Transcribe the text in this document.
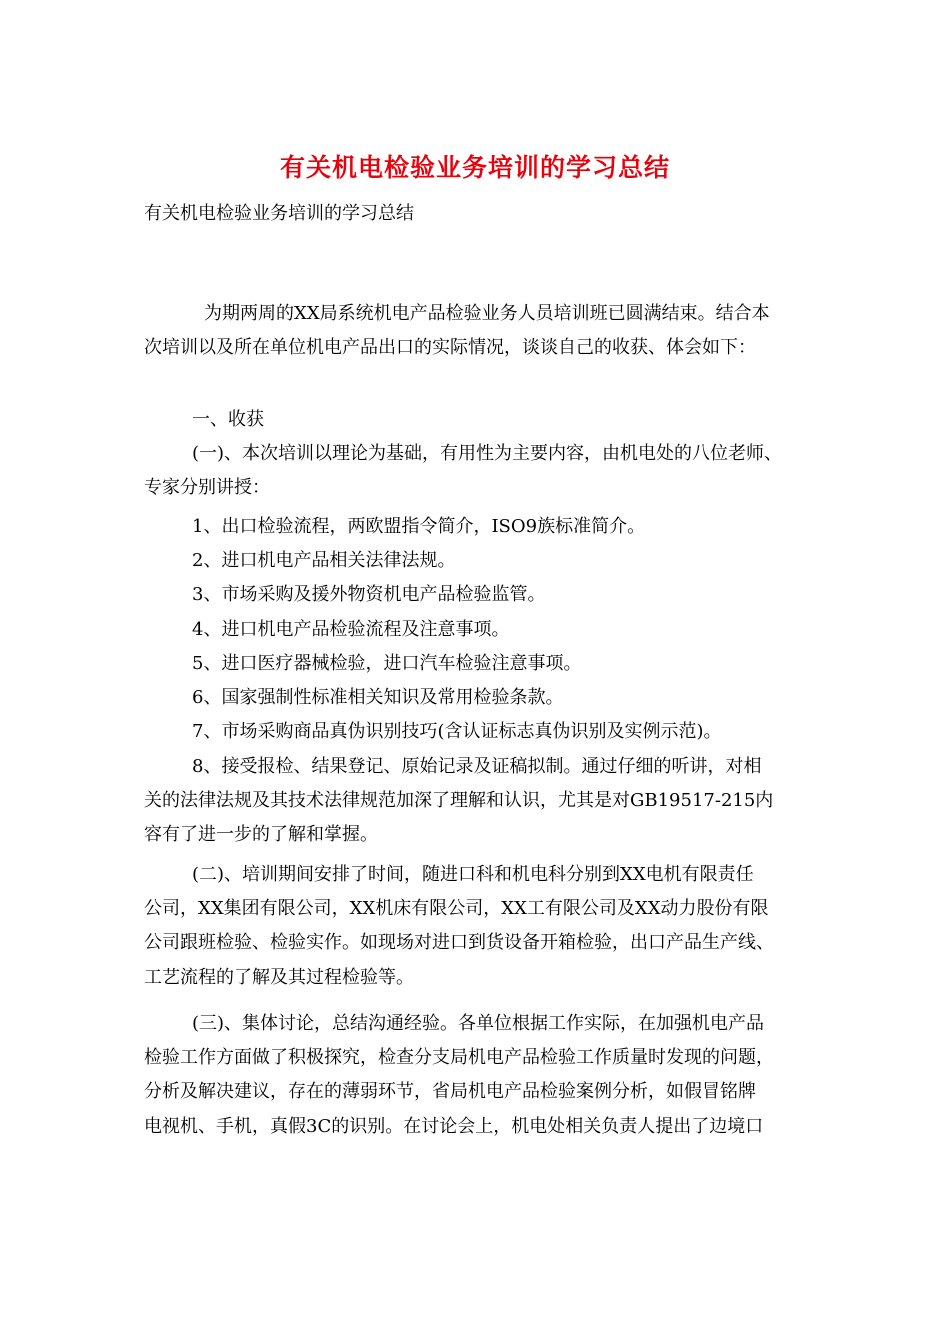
有关机电检验业务培训的学习总结
有关机电检验业务培训的学习总结
为期两周的XX局系统机电产品检验业务人员培训班已圆满结束。结合本
次培训以及所在单位机电产品出口的实际情况，谈谈自己的收获、体会如下：
一、收获
(一)、本次培训以理论为基础，有用性为主要内容，由机电处的八位老师、
专家分别讲授：
1、出口检验流程，两欧盟指令简介，ISO9族标准简介。
2、进口机电产品相关法律法规。
3、市场采购及援外物资机电产品检验监管。
4、进口机电产品检验流程及注意事项。
5、进口医疗器械检验，进口汽车检验注意事项。
6、国家强制性标准相关知识及常用检验条款。
7、市场采购商品真伪识别技巧(含认证标志真伪识别及实例示范)。
8、接受报检、结果登记、原始记录及证稿拟制。通过仔细的听讲，对相
关的法律法规及其技术法律规范加深了理解和认识，尤其是对GB19517-215内
容有了进一步的了解和掌握。
(二)、培训期间安排了时间，随进口科和机电科分别到XX电机有限责任
公司，XX集团有限公司，XX机床有限公司，XX工有限公司及XX动力股份有限
公司跟班检验、检验实作。如现场对进口到货设备开箱检验，出口产品生产线、
工艺流程的了解及其过程检验等。
(三)、集体讨论，总结沟通经验。各单位根据工作实际，在加强机电产品
检验工作方面做了积极探究，检查分支局机电产品检验工作质量时发现的问题，
分析及解决建议，存在的薄弱环节，省局机电产品检验案例分析，如假冒铭牌
电视机、手机，真假3C的识别。在讨论会上，机电处相关负责人提出了边境口
